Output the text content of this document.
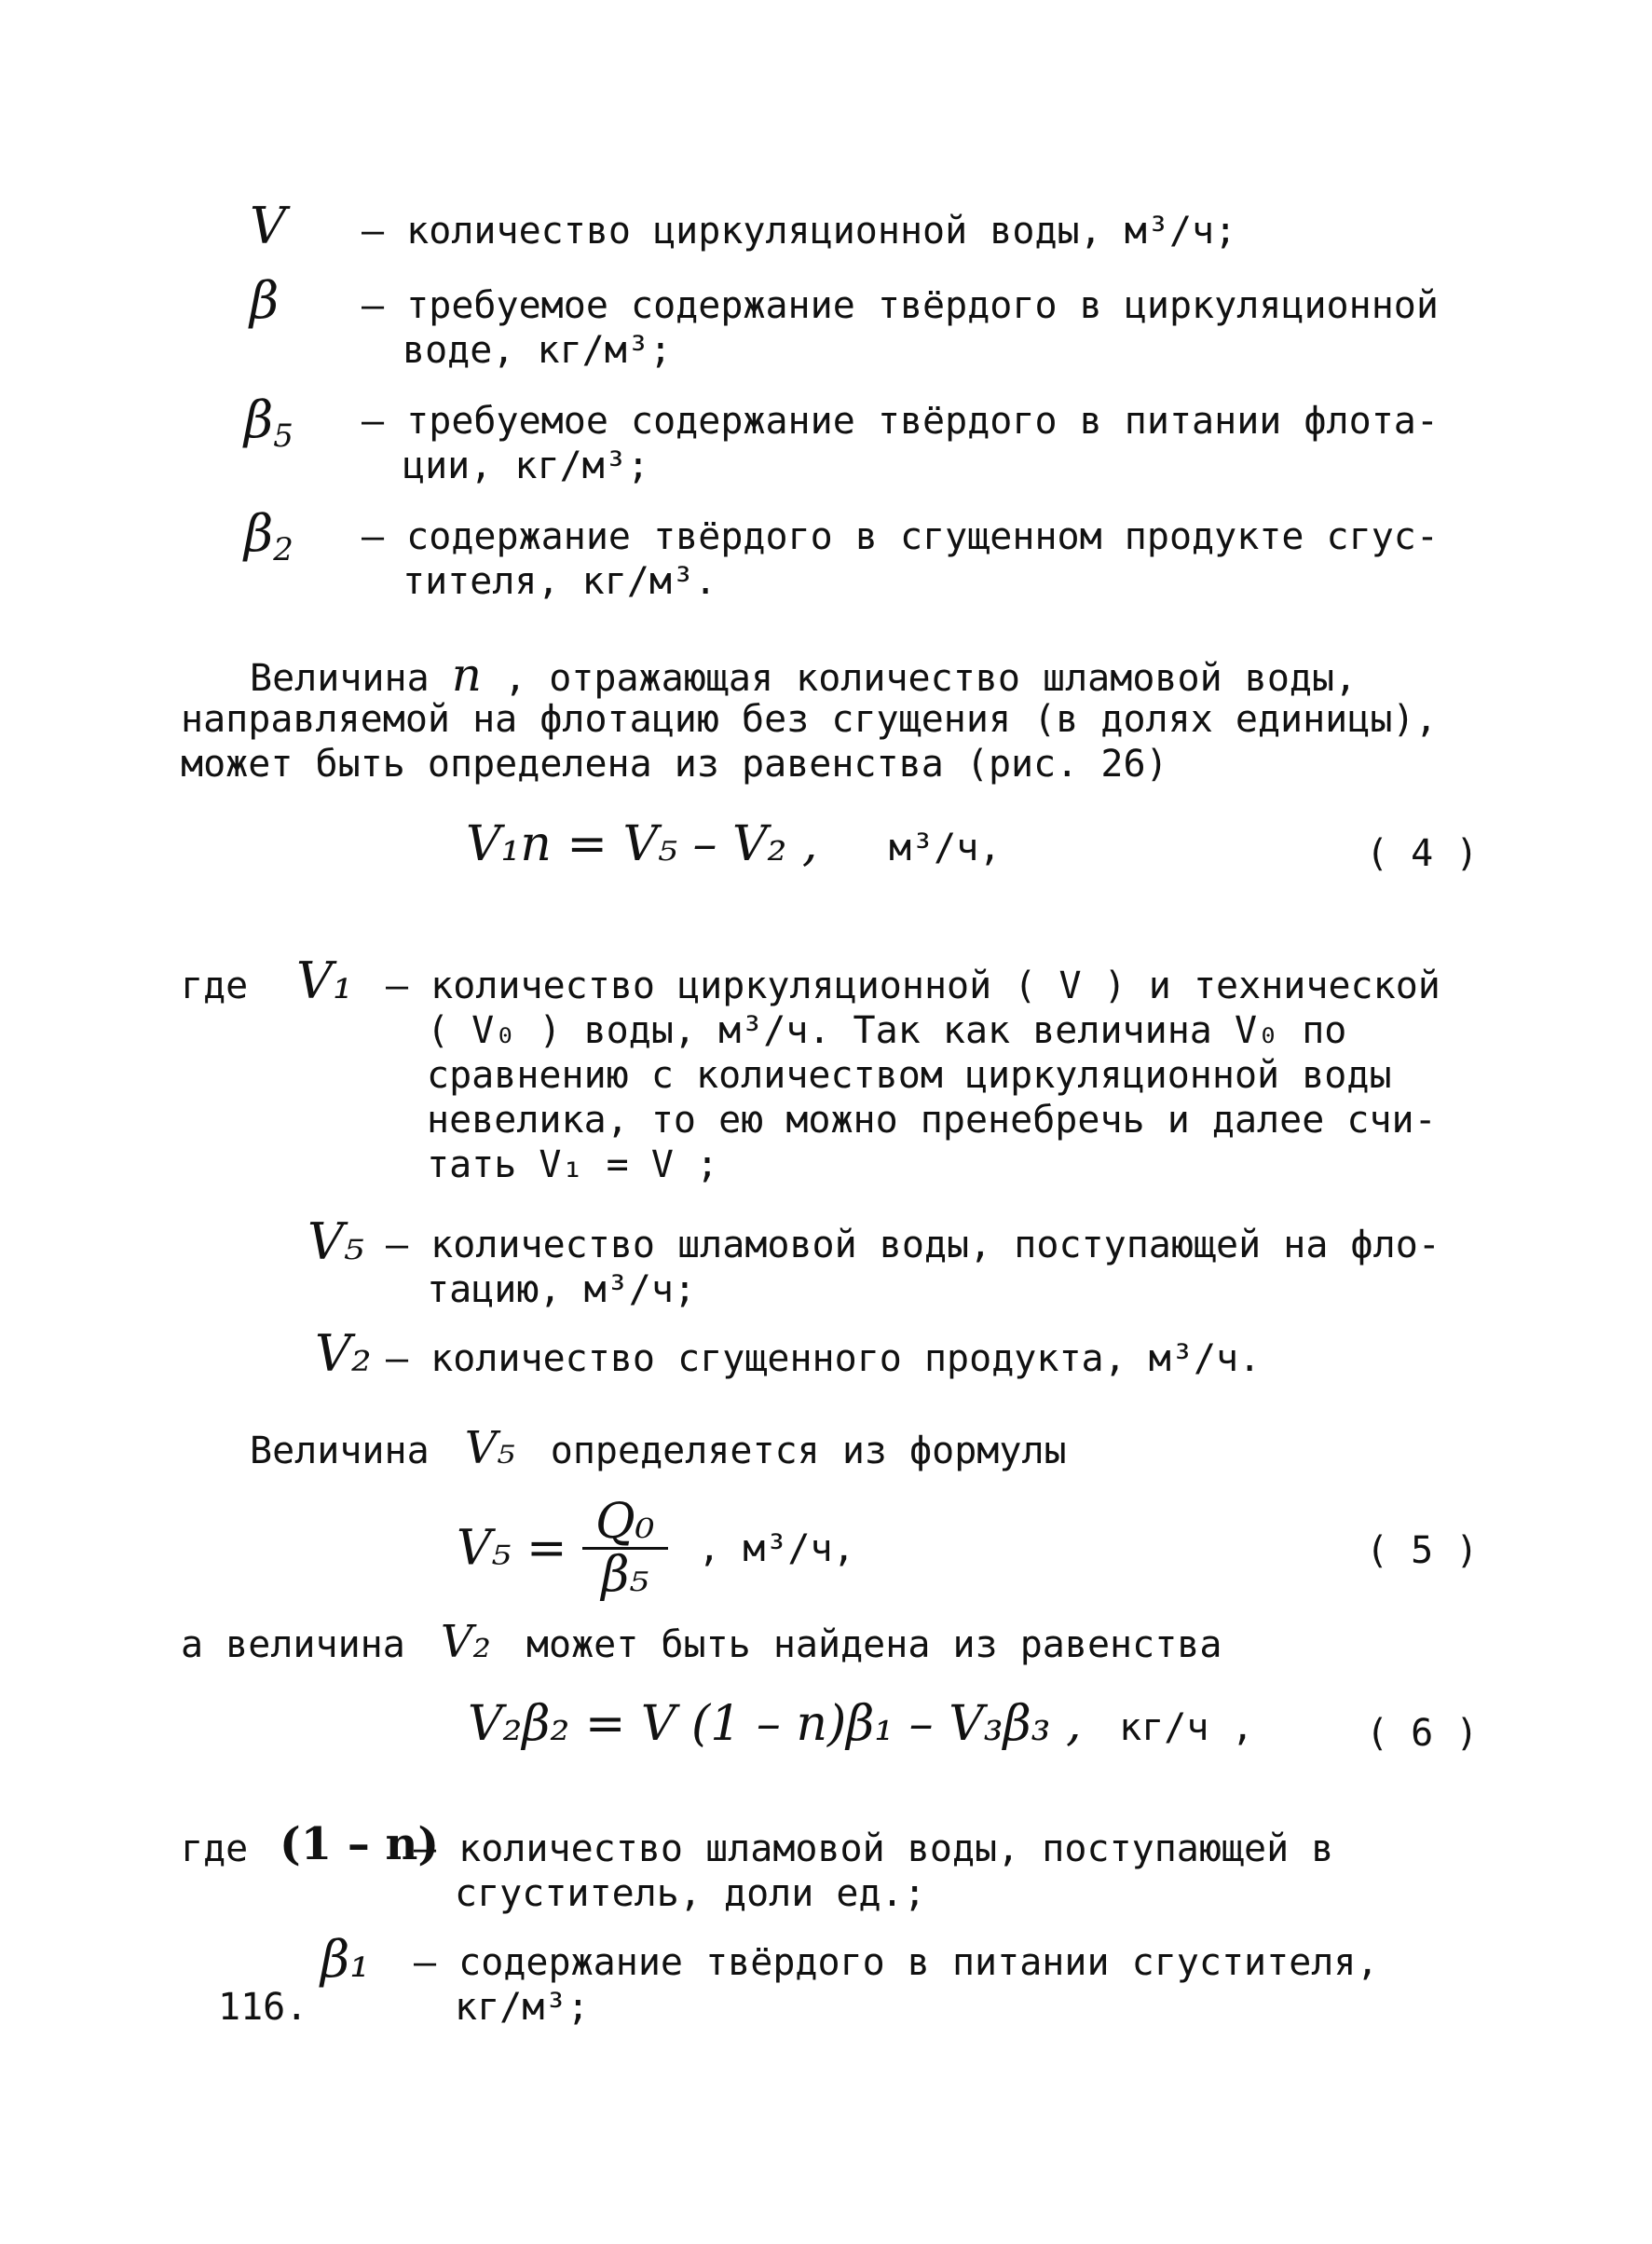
V – количество циркуляционной воды, м³/ч;
β – требуемое содержание твёрдого в циркуляционной
воде, кг/м³;
$\beta_5$ – требуемое содержание твёрдого в питании флота-
ции, кг/м³;
$\beta_2$ – содержание твёрдого в сгущенном продукте сгус-
тителя, кг/м³.
Величина n , отражающая количество шламовой воды,
направляемой на флотацию без сгущения (в долях единицы),
может быть определена из равенства (рис. 26)
V₁n = V₅ – V₂ , м³/ч,	( 4 )
где V₁ – количество циркуляционной ( V ) и технической
( V₀ ) воды, м³/ч. Так как величина V₀ по
сравнению с количеством циркуляционной воды
невелика, то ею можно пренебречь и далее счи-
тать V₁ = V ;
V₅ – количество шламовой воды, поступающей на фло-
тацию, м³/ч;
V₂ – количество сгущенного продукта, м³/ч.
Величина V₅ определяется из формулы
$V_5 = \frac{\text{Q₀}}{\text{β₅}}$ , м³/ч,	( 5 )
а величина V₂ может быть найдена из равенства
V₂β₂ = V (1 – n)β₁ – V₃β₃ , кг/ч ,	( 6 )
где (1 – n)
– количество шламовой воды, поступающей в
сгуститель, доли ед.;
β₁ – содержание твёрдого в питании сгустителя,
кг/м³;
116.
